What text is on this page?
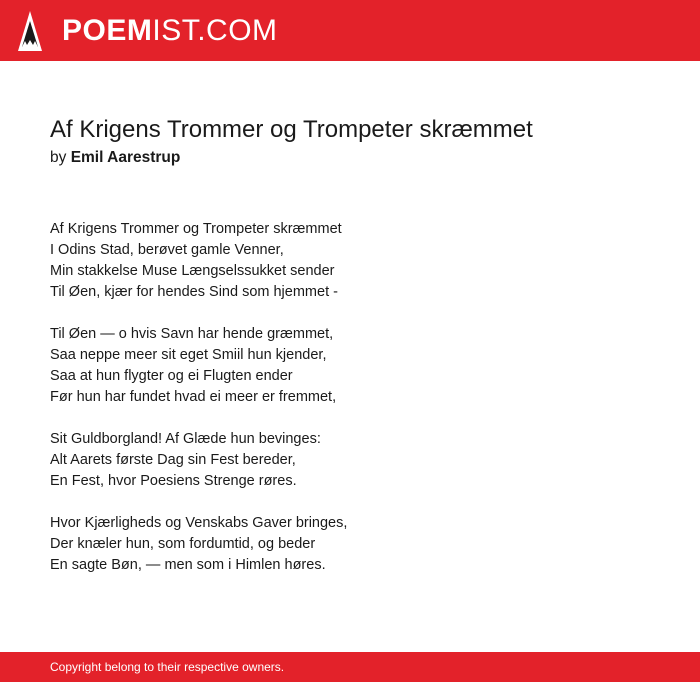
POEM IST.COM
Af Krigens Trommer og Trompeter skræmmet
by Emil Aarestrup
Af Krigens Trommer og Trompeter skræmmet
I Odins Stad, berøvet gamle Venner,
Min stakkelse Muse Længselssukket sender
Til Øen, kjær for hendes Sind som hjemmet -
Til Øen — o hvis Savn har hende græmmet,
Saa neppe meer sit eget Smiil hun kjender,
Saa at hun flygter og ei Flugten ender
Før hun har fundet hvad ei meer er fremmet,
Sit Guldborgland! Af Glæde hun bevinges:
Alt Aarets første Dag sin Fest bereder,
En Fest, hvor Poesiens Strenge røres.
Hvor Kjærligheds og Venskabs Gaver bringes,
Der knæler hun, som fordumtid, og beder
En sagte Bøn, — men som i Himlen høres.
Copyright belong to their respective owners.
